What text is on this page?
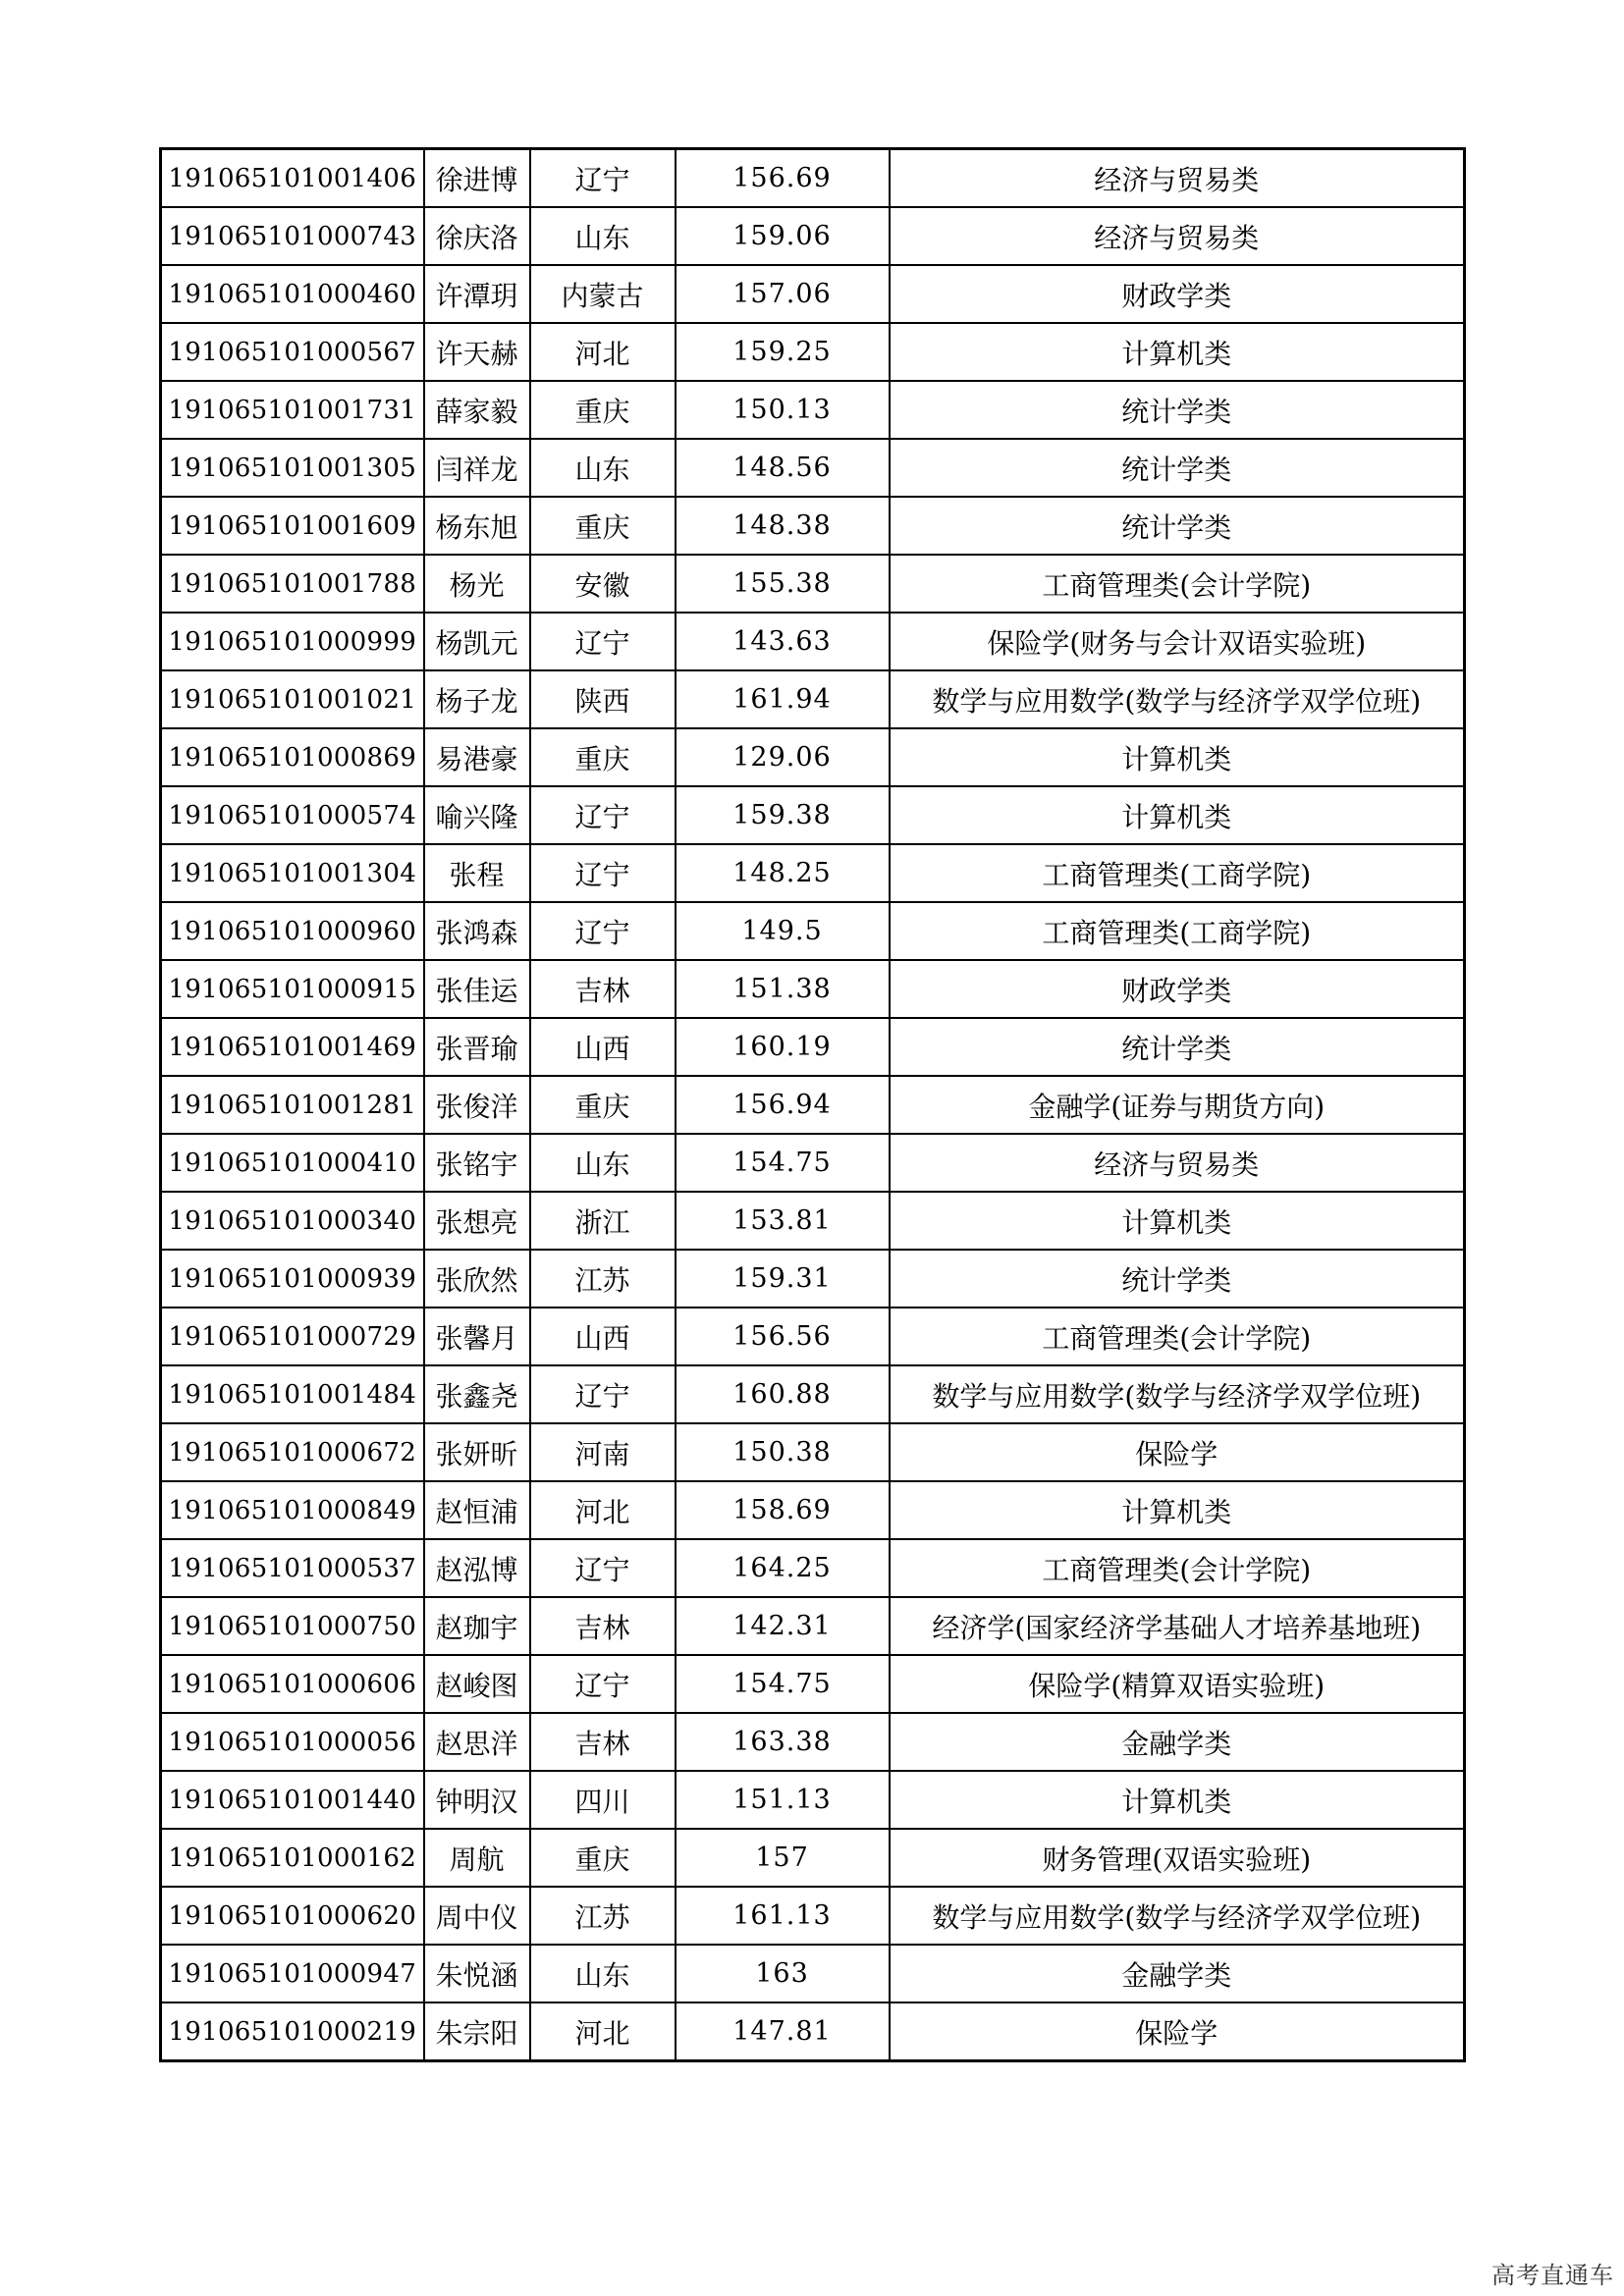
191065101001406	徐进博	辽宁	156.69	经济与贸易类
191065101000743	徐庆洛	山东	159.06	经济与贸易类
191065101000460	许潭玥	内蒙古	157.06	财政学类
191065101000567	许天赫	河北	159.25	计算机类
191065101001731	薛家毅	重庆	150.13	统计学类
191065101001305	闫祥龙	山东	148.56	统计学类
191065101001609	杨东旭	重庆	148.38	统计学类
191065101001788	杨光	安徽	155.38	工商管理类(会计学院)
191065101000999	杨凯元	辽宁	143.63	保险学(财务与会计双语实验班)
191065101001021	杨子龙	陕西	161.94	数学与应用数学(数学与经济学双学位班)
191065101000869	易港豪	重庆	129.06	计算机类
191065101000574	喻兴隆	辽宁	159.38	计算机类
191065101001304	张程	辽宁	148.25	工商管理类(工商学院)
191065101000960	张鸿森	辽宁	149.5	工商管理类(工商学院)
191065101000915	张佳运	吉林	151.38	财政学类
191065101001469	张晋瑜	山西	160.19	统计学类
191065101001281	张俊洋	重庆	156.94	金融学(证券与期货方向)
191065101000410	张铭宇	山东	154.75	经济与贸易类
191065101000340	张想亮	浙江	153.81	计算机类
191065101000939	张欣然	江苏	159.31	统计学类
191065101000729	张馨月	山西	156.56	工商管理类(会计学院)
191065101001484	张鑫尧	辽宁	160.88	数学与应用数学(数学与经济学双学位班)
191065101000672	张妍昕	河南	150.38	保险学
191065101000849	赵恒浦	河北	158.69	计算机类
191065101000537	赵泓博	辽宁	164.25	工商管理类(会计学院)
191065101000750	赵珈宇	吉林	142.31	经济学(国家经济学基础人才培养基地班)
191065101000606	赵峻图	辽宁	154.75	保险学(精算双语实验班)
191065101000056	赵思洋	吉林	163.38	金融学类
191065101001440	钟明汉	四川	151.13	计算机类
191065101000162	周航	重庆	157	财务管理(双语实验班)
191065101000620	周中仪	江苏	161.13	数学与应用数学(数学与经济学双学位班)
191065101000947	朱悦涵	山东	163	金融学类
191065101000219	朱宗阳	河北	147.81	保险学
高考直通车
